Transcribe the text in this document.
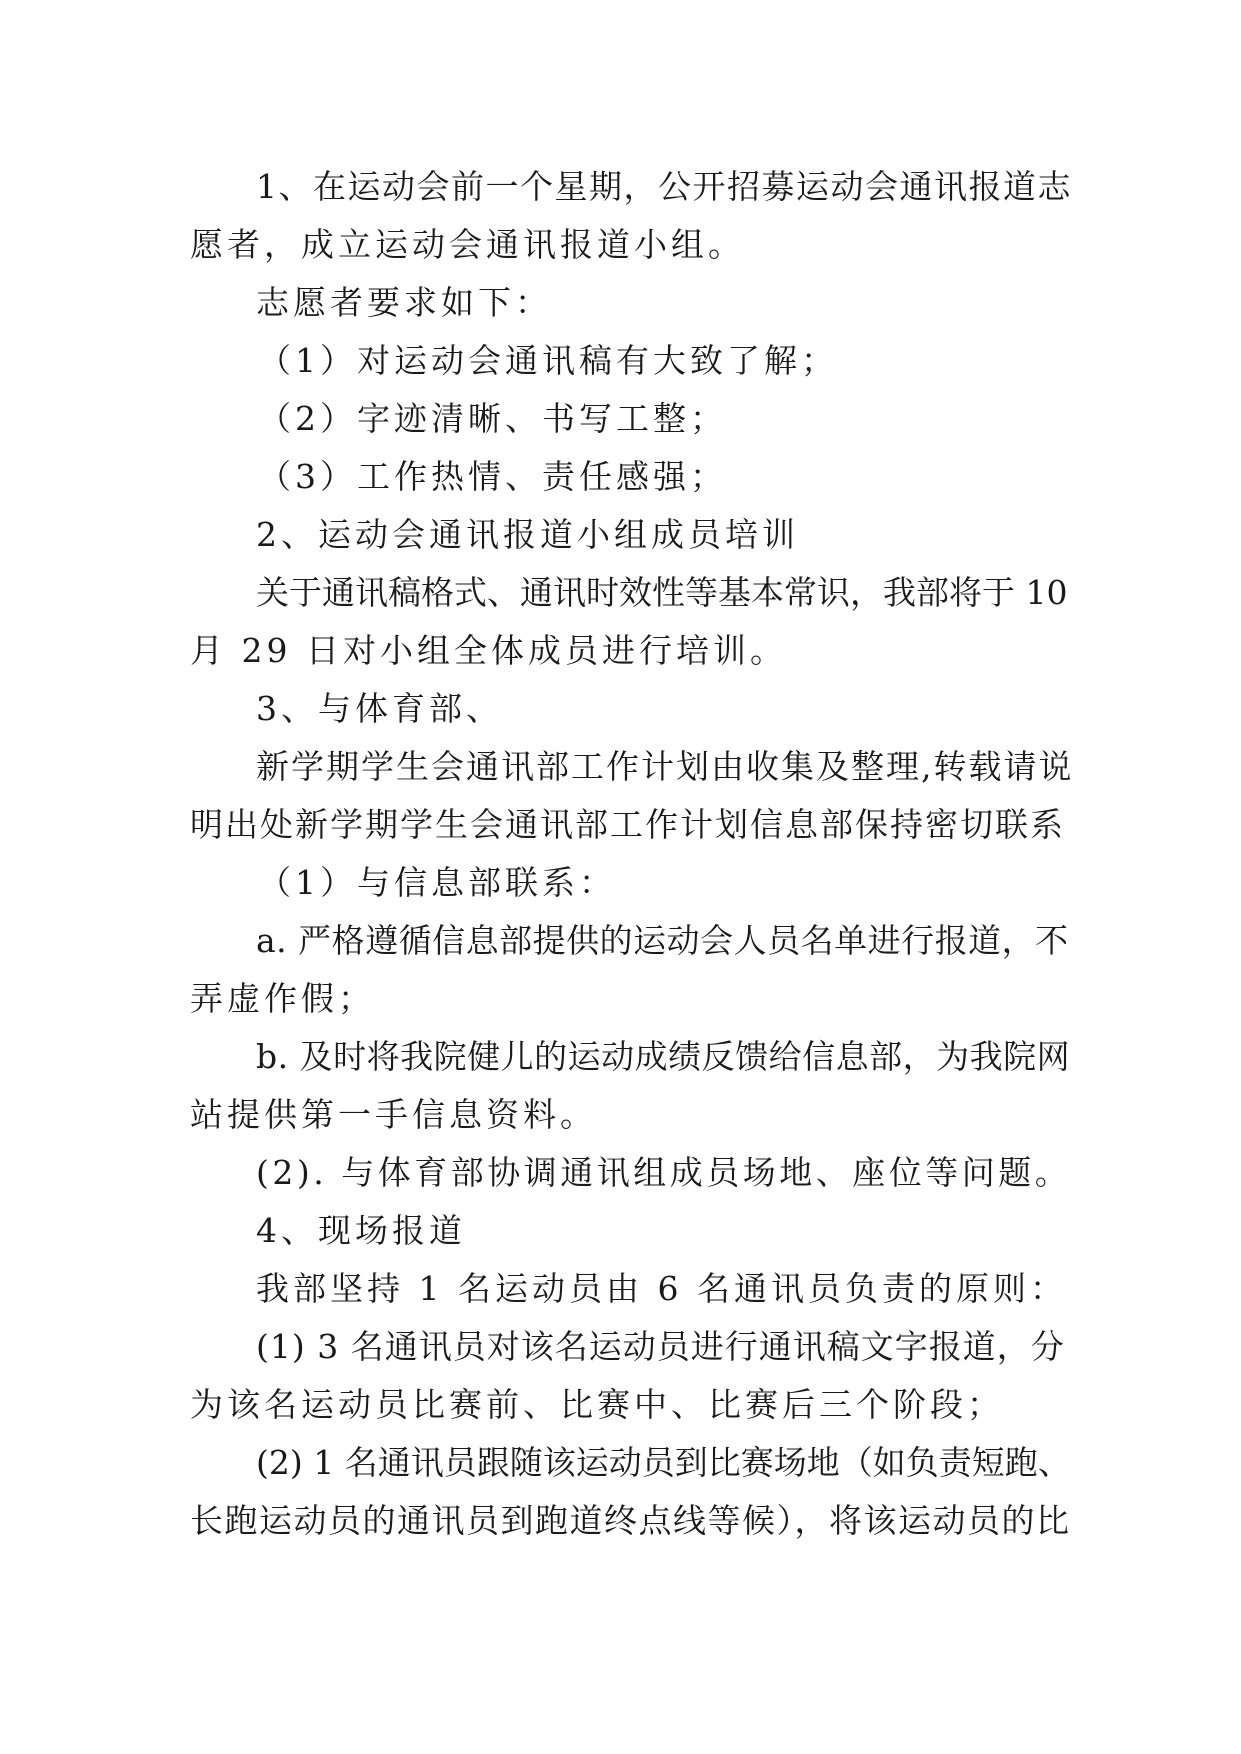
1、在运动会前一个星期，公开招募运动会通讯报道志
愿者，成立运动会通讯报道小组。
志愿者要求如下：
（1）对运动会通讯稿有大致了解；
（2）字迹清晰、书写工整；
（3）工作热情、责任感强；
2、运动会通讯报道小组成员培训
关于通讯稿格式、通讯时效性等基本常识，我部将于 10
月 29 日对小组全体成员进行培训。
3、与体育部、
新学期学生会通讯部工作计划由收集及整理,转载请说
明出处新学期学生会通讯部工作计划信息部保持密切联系
（1）与信息部联系：
a. 严格遵循信息部提供的运动会人员名单进行报道，不
弄虚作假；
b. 及时将我院健儿的运动成绩反馈给信息部，为我院网
站提供第一手信息资料。
(2). 与体育部协调通讯组成员场地、座位等问题。
4、现场报道
我部坚持 1 名运动员由 6 名通讯员负责的原则：
(1) 3 名通讯员对该名运动员进行通讯稿文字报道，分
为该名运动员比赛前、比赛中、比赛后三个阶段；
(2) 1 名通讯员跟随该运动员到比赛场地（如负责短跑、
长跑运动员的通讯员到跑道终点线等候），将该运动员的比
